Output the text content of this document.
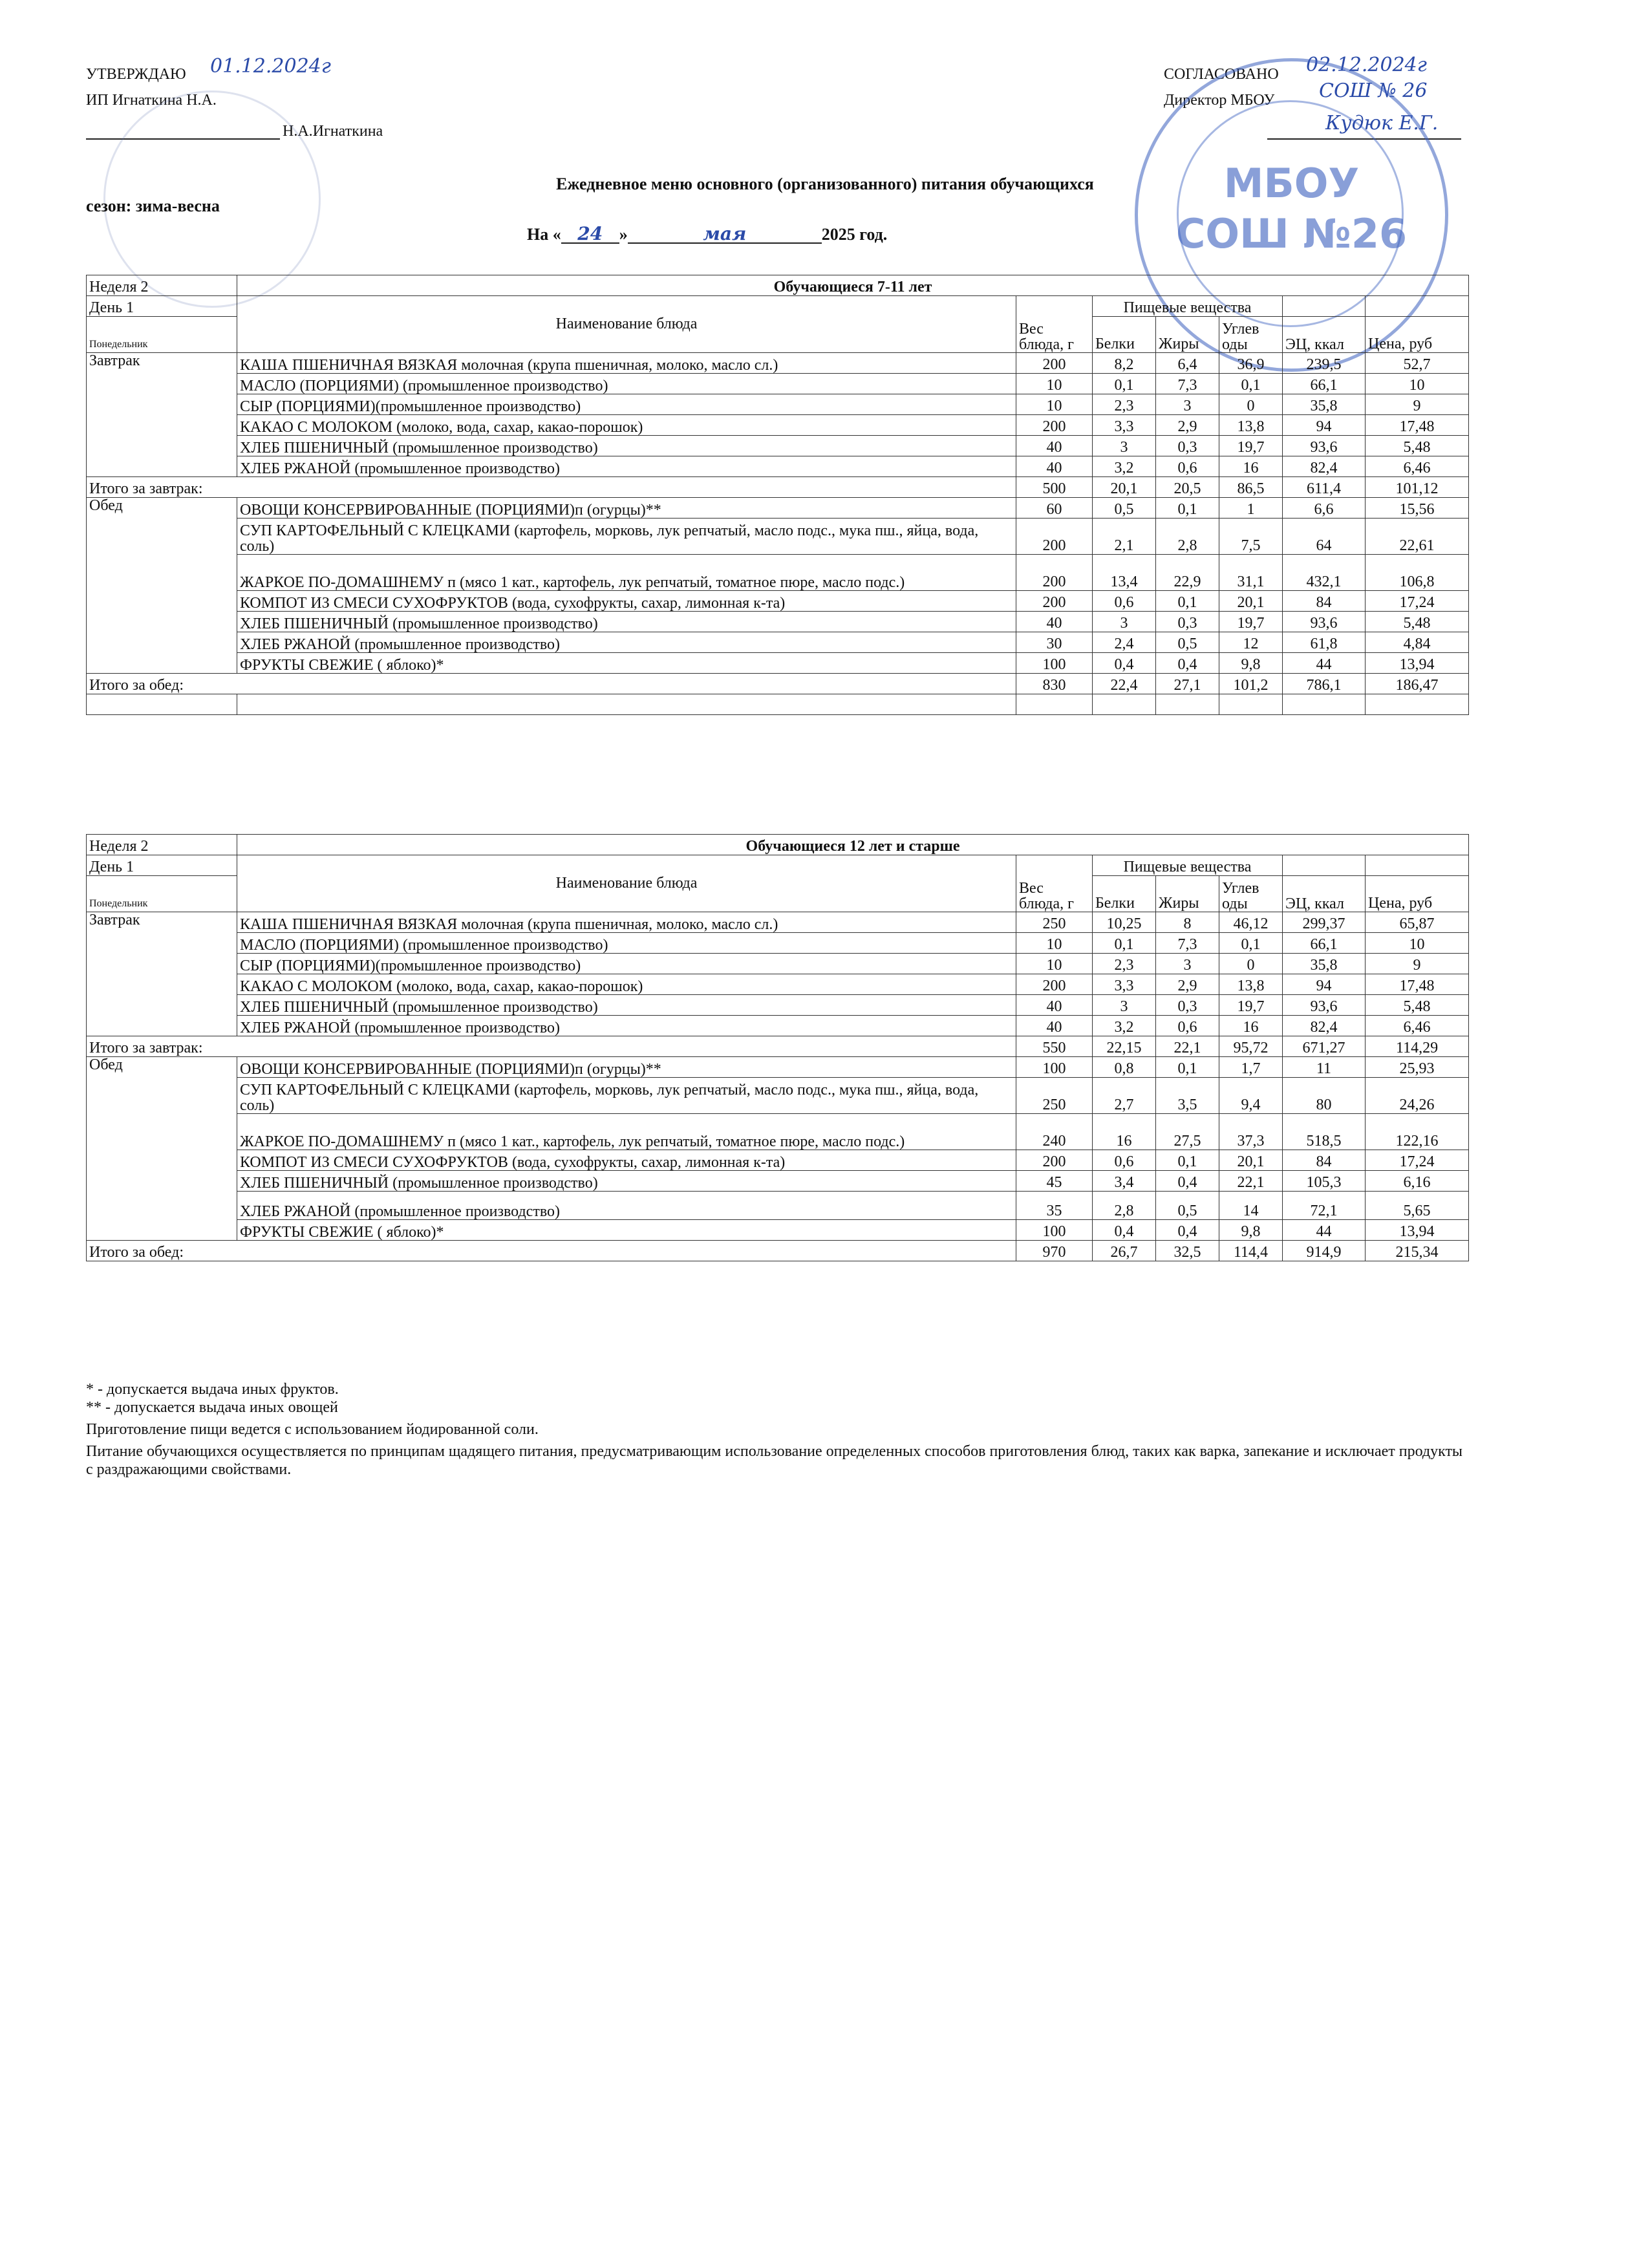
УТВЕРЖДАЮ 01.12.2024г
ИП Игнаткина Н.А.
Н.А.Игнаткина
СОГЛАСОВАНО 02.12.2024г
Директор МБОУ СОШ № 26
Кудюк Е.Г.
МБОУ
СОШ №26
Ежедневное меню основного (организованного) питания обучающихся
сезон: зима-весна
На « 24 »	мая	2025 год.
Неделя 2	Обучающиеся 7-11 лет						
День 1	Наименование блюда	Вес блюда, г	Пищевые вещества				
Понедельник			Белки	Жиры	Углев оды	ЭЦ, ккал	Цена, руб
Завтрак	КАША ПШЕНИЧНАЯ ВЯЗКАЯ молочная (крупа пшеничная, молоко, масло сл.)	200	8,2	6,4	36,9	239,5	52,7
	МАСЛО (ПОРЦИЯМИ) (промышленное производство)	10	0,1	7,3	0,1	66,1	10
	СЫР (ПОРЦИЯМИ)(промышленное производство)	10	2,3	3	0	35,8	9
	КАКАО С МОЛОКОМ (молоко, вода, сахар, какао-порошок)	200	3,3	2,9	13,8	94	17,48
	ХЛЕБ ПШЕНИЧНЫЙ (промышленное производство)	40	3	0,3	19,7	93,6	5,48
	ХЛЕБ РЖАНОЙ (промышленное производство)	40	3,2	0,6	16	82,4	6,46
Итого за завтрак:		500	20,1	20,5	86,5	611,4	101,12
Обед	ОВОЩИ КОНСЕРВИРОВАННЫЕ (ПОРЦИЯМИ)п (огурцы)**	60	0,5	0,1	1	6,6	15,56
	СУП КАРТОФЕЛЬНЫЙ С КЛЕЦКАМИ (картофель, морковь, лук репчатый, масло подс., мука пш., яйца, вода, соль)	200	2,1	2,8	7,5	64	22,61
	ЖАРКОЕ ПО-ДОМАШНЕМУ п (мясо 1 кат., картофель, лук репчатый, томатное пюре, масло подс.)	200	13,4	22,9	31,1	432,1	106,8
	КОМПОТ ИЗ СМЕСИ СУХОФРУКТОВ (вода, сухофрукты, сахар, лимонная к-та)	200	0,6	0,1	20,1	84	17,24
	ХЛЕБ ПШЕНИЧНЫЙ (промышленное производство)	40	3	0,3	19,7	93,6	5,48
	ХЛЕБ РЖАНОЙ (промышленное производство)	30	2,4	0,5	12	61,8	4,84
	ФРУКТЫ СВЕЖИЕ ( яблоко)*	100	0,4	0,4	9,8	44	13,94
Итого за обед:		830	22,4	27,1	101,2	786,1	186,47

Неделя 2	Обучающиеся 12 лет и старше						
День 1	Наименование блюда	Вес блюда, г	Пищевые вещества				
Понедельник			Белки	Жиры	Углев оды	ЭЦ, ккал	Цена, руб
Завтрак	КАША ПШЕНИЧНАЯ ВЯЗКАЯ молочная (крупа пшеничная, молоко, масло сл.)	250	10,25	8	46,12	299,37	65,87
	МАСЛО (ПОРЦИЯМИ) (промышленное производство)	10	0,1	7,3	0,1	66,1	10
	СЫР (ПОРЦИЯМИ)(промышленное производство)	10	2,3	3	0	35,8	9
	КАКАО С МОЛОКОМ (молоко, вода, сахар, какао-порошок)	200	3,3	2,9	13,8	94	17,48
	ХЛЕБ ПШЕНИЧНЫЙ (промышленное производство)	40	3	0,3	19,7	93,6	5,48
	ХЛЕБ РЖАНОЙ (промышленное производство)	40	3,2	0,6	16	82,4	6,46
Итого за завтрак:		550	22,15	22,1	95,72	671,27	114,29
Обед	ОВОЩИ КОНСЕРВИРОВАННЫЕ (ПОРЦИЯМИ)п (огурцы)**	100	0,8	0,1	1,7	11	25,93
	СУП КАРТОФЕЛЬНЫЙ С КЛЕЦКАМИ (картофель, морковь, лук репчатый, масло подс., мука пш., яйца, вода, соль)	250	2,7	3,5	9,4	80	24,26
	ЖАРКОЕ ПО-ДОМАШНЕМУ п (мясо 1 кат., картофель, лук репчатый, томатное пюре, масло подс.)	240	16	27,5	37,3	518,5	122,16
	КОМПОТ ИЗ СМЕСИ СУХОФРУКТОВ (вода, сухофрукты, сахар, лимонная к-та)	200	0,6	0,1	20,1	84	17,24
	ХЛЕБ ПШЕНИЧНЫЙ (промышленное производство)	45	3,4	0,4	22,1	105,3	6,16
	ХЛЕБ РЖАНОЙ (промышленное производство)	35	2,8	0,5	14	72,1	5,65
	ФРУКТЫ СВЕЖИЕ ( яблоко)*	100	0,4	0,4	9,8	44	13,94
Итого за обед:		970	26,7	32,5	114,4	914,9	215,34
* - допускается выдача иных фруктов.
** - допускается выдача иных овощей
Приготовление пищи ведется с использованием йодированной соли.
Питание обучающихся осуществляется по принципам щадящего питания, предусматривающим использование определенных способов приготовления блюд, таких как варка, запекание и исключает продукты с раздражающими свойствами.
